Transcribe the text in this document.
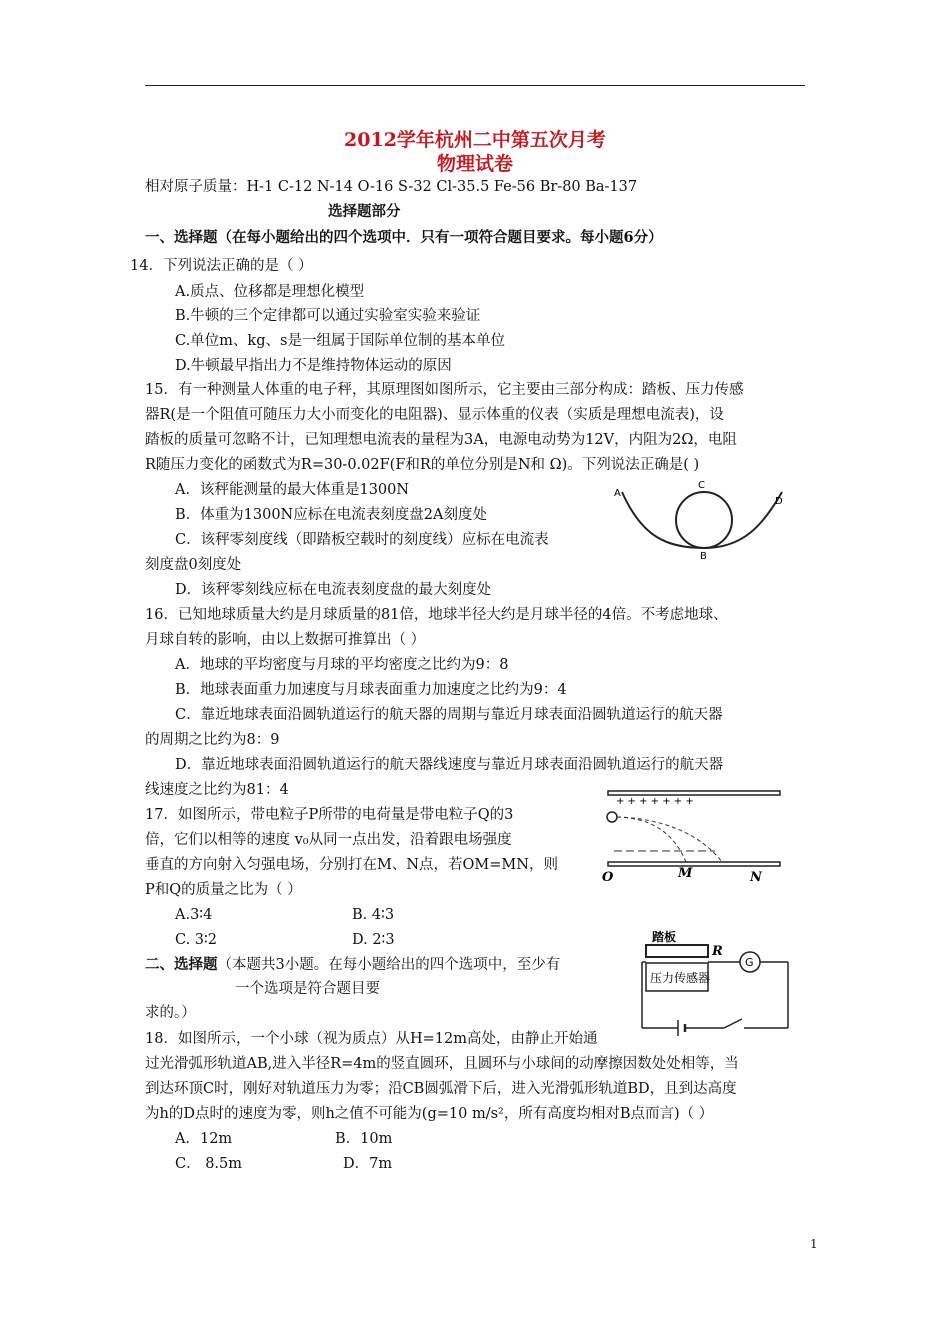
2012学年杭州二中第五次月考
物理试卷
相对原子质量：H-1 C-12 N-14 O-16 S-32 Cl-35.5 Fe-56 Br-80 Ba-137
选择题部分
一、选择题（在每小题给出的四个选项中．只有一项符合题目要求。每小题6分）
14．下列说法正确的是（ ）
A.质点、位移都是理想化模型
B.牛顿的三个定律都可以通过实验室实验来验证
C.单位m、kg、s是一组属于国际单位制的基本单位
D.牛顿最早指出力不是维持物体运动的原因
15．有一种测量人体重的电子秤，其原理图如图所示，它主要由三部分构成：踏板、压力传感
器R(是一个阻值可随压力大小而变化的电阻器)、显示体重的仪表（实质是理想电流表)，设
踏板的质量可忽略不计，已知理想电流表的量程为3A，电源电动势为12V，内阻为2Ω，电阻
R随压力变化的函数式为R=30-0.02F(F和R的单位分别是N和 Ω)。下列说法正确是( )
A．该秤能测量的最大体重是1300N
B．体重为1300N应标在电流表刻度盘2A刻度处
C．该秤零刻度线（即踏板空载时的刻度线）应标在电流表
刻度盘0刻度处
D．该秤零刻线应标在电流表刻度盘的最大刻度处
A
C
D
B
16．已知地球质量大约是月球质量的81倍，地球半径大约是月球半径的4倍。不考虑地球、
月球自转的影响，由以上数据可推算出（ ）
A．地球的平均密度与月球的平均密度之比约为9：8
B．地球表面重力加速度与月球表面重力加速度之比约为9：4
C．靠近地球表面沿圆轨道运行的航天器的周期与靠近月球表面沿圆轨道运行的航天器
的周期之比约为8：9
D．靠近地球表面沿圆轨道运行的航天器线速度与靠近月球表面沿圆轨道运行的航天器
线速度之比约为81：4
17．如图所示，带电粒子P所带的电荷量是带电粒子Q的3
倍，它们以相等的速度 v₀从同一点出发，沿着跟电场强度
垂直的方向射入匀强电场，分别打在M、N点，若OM=MN，则
P和Q的质量之比为（ ）
A.3∶4	B. 4∶3
C. 3∶2	D. 2∶3
+ + + + + + +
O	M	N
二、选择题（本题共3小题。在每小题给出的四个选项中，至少有
一个选项是符合题目要
求的。）
踏板
R
G
压力传感器
18．如图所示，一个小球（视为质点）从H=12m高处，由静止开始通
过光滑弧形轨道AB,进入半径R=4m的竖直圆环，且圆环与小球间的动摩擦因数处处相等，当
到达环顶C时，刚好对轨道压力为零；沿CB圆弧滑下后，进入光滑弧形轨道BD，且到达高度
为h的D点时的速度为零，则h之值不可能为(g=10 m/s²，所有高度均相对B点而言)（ ）
A．12m	B．10m
C． 8.5m	D．7m
1
